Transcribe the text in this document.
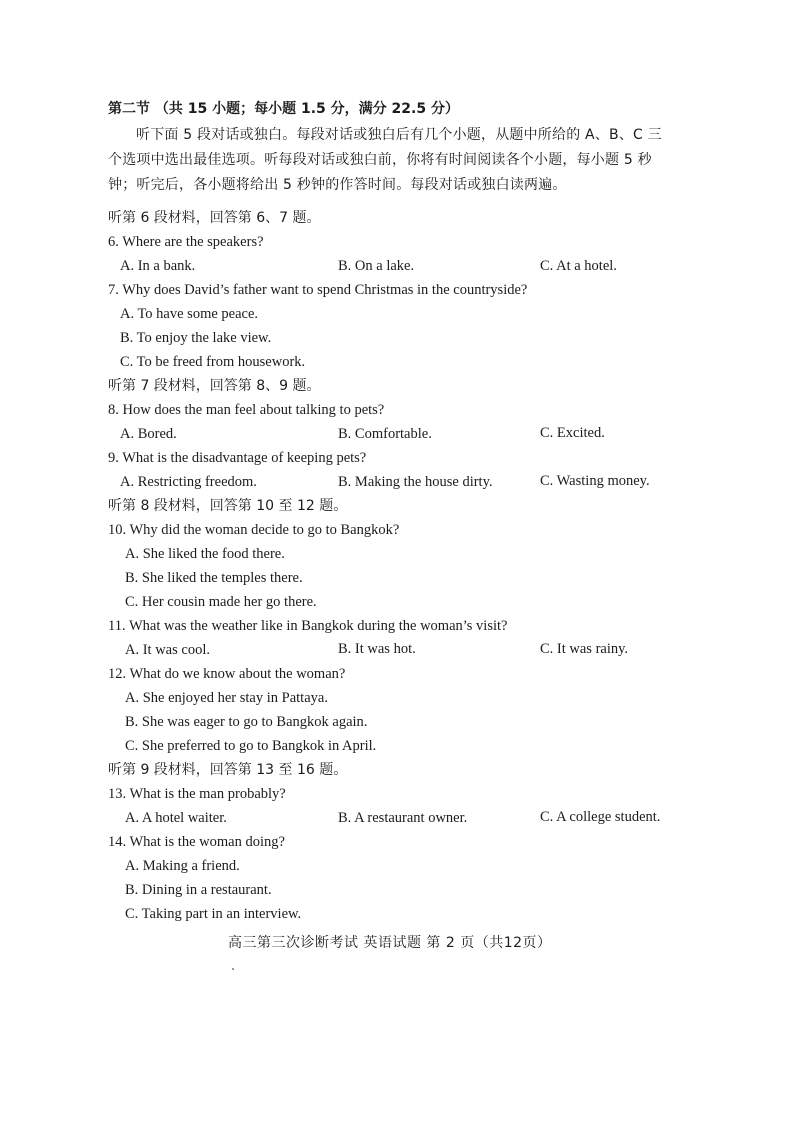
第二节 （共 15 小题；每小题 1.5 分，满分 22.5 分）
听下面 5 段对话或独白。每段对话或独白后有几个小题，从题中所给的 A、B、C 三
个选项中选出最佳选项。听每段对话或独白前，你将有时间阅读各个小题，每小题 5 秒
钟；听完后，各小题将给出 5 秒钟的作答时间。每段对话或独白读两遍。
听第 6 段材料，回答第 6、7 题。
6. Where are the speakers?
A. In a bank.	B. On a lake.	C. At a hotel.
7. Why does David’s father want to spend Christmas in the countryside?
A. To have some peace.
B. To enjoy the lake view.
C. To be freed from housework.
听第 7 段材料，回答第 8、9 题。
8. How does the man feel about talking to pets?
A. Bored.	B. Comfortable.	C. Excited.
9. What is the disadvantage of keeping pets?
A. Restricting freedom.	B. Making the house dirty.	C. Wasting money.
听第 8 段材料，回答第 10 至 12 题。
10. Why did the woman decide to go to Bangkok?
A. She liked the food there.
B. She liked the temples there.
C. Her cousin made her go there.
11. What was the weather like in Bangkok during the woman’s visit?
A. It was cool.	B. It was hot.	C. It was rainy.
12. What do we know about the woman?
A. She enjoyed her stay in Pattaya.
B. She was eager to go to Bangkok again.
C. She preferred to go to Bangkok in April.
听第 9 段材料，回答第 13 至 16 题。
13. What is the man probably?
A. A hotel waiter.	B. A restaurant owner.	C. A college student.
14. What is the woman doing?
A. Making a friend.
B. Dining in a restaurant.
C. Taking part in an interview.
高三第三次诊断考试 英语试题 第 2 页（共12页）
